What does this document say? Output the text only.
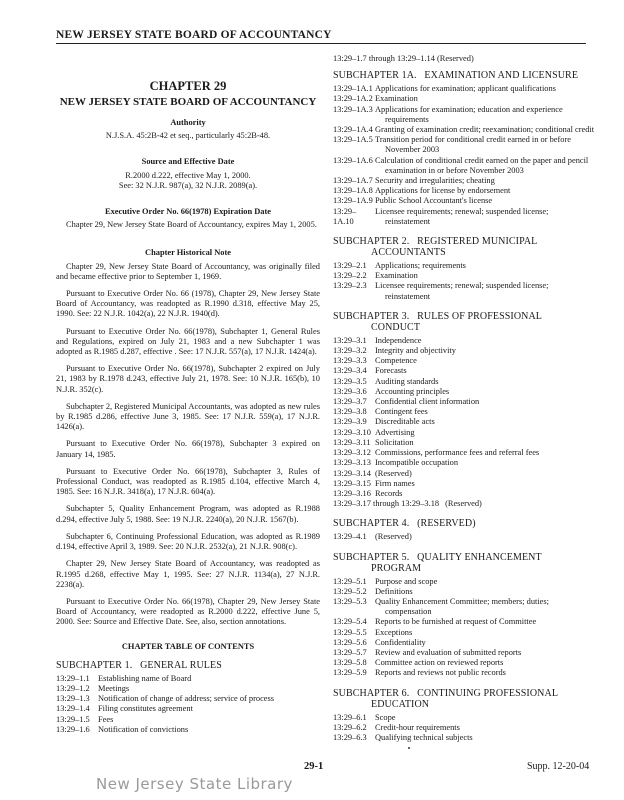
NEW JERSEY STATE BOARD OF ACCOUNTANCY
CHAPTER 29
NEW JERSEY STATE BOARD OF ACCOUNTANCY
Authority
N.J.S.A. 45:2B-42 et seq., particularly 45:2B-48.
Source and Effective Date
R.2000 d.222, effective May 1, 2000.
See: 32 N.J.R. 987(a), 32 N.J.R. 2089(a).
Executive Order No. 66(1978) Expiration Date
Chapter 29, New Jersey State Board of Accountancy, expires May 1, 2005.
Chapter Historical Note
Chapter 29, New Jersey State Board of Accountancy, was originally filed and became effective prior to September 1, 1969.
Pursuant to Executive Order No. 66 (1978), Chapter 29, New Jersey State Board of Accountancy, was readopted as R.1990 d.318, effective May 25, 1990. See: 22 N.J.R. 1042(a), 22 N.J.R. 1940(d).
Pursuant to Executive Order No. 66(1978), Subchapter 1, General Rules and Regulations, expired on July 21, 1983 and a new Subchapter 1 was adopted as R.1985 d.287, effective . See: 17 N.J.R. 557(a), 17 N.J.R. 1424(a).
Pursuant to Executive Order No. 66(1978), Subchapter 2 expired on July 21, 1983 by R.1978 d.243, effective July 21, 1978. See: 10 N.J.R. 165(b), 10 N.J.R. 352(c).
Subchapter 2, Registered Municipal Accountants, was adopted as new rules by R.1985 d.286, effective June 3, 1985. See: 17 N.J.R. 559(a), 17 N.J.R. 1426(a).
Pursuant to Executive Order No. 66(1978), Subchapter 3 expired on January 14, 1985.
Pursuant to Executive Order No. 66(1978), Subchapter 3, Rules of Professional Conduct, was readopted as R.1985 d.104, effective March 4, 1985. See: 16 N.J.R. 3418(a), 17 N.J.R. 604(a).
Subchapter 5, Quality Enhancement Program, was adopted as R.1988 d.294, effective July 5, 1988. See: 19 N.J.R. 2240(a), 20 N.J.R. 1567(b).
Subchapter 6, Continuing Professional Education, was adopted as R.1989 d.194, effective April 3, 1989. See: 20 N.J.R. 2532(a), 21 N.J.R. 908(c).
Chapter 29, New Jersey State Board of Accountancy, was readopted as R.1995 d.268, effective May 1, 1995. See: 27 N.J.R. 1134(a), 27 N.J.R. 2238(a).
Pursuant to Executive Order No. 66(1978), Chapter 29, New Jersey State Board of Accountancy, were readopted as R.2000 d.222, effective June 5, 2000. See: Source and Effective Date. See, also, section annotations.
CHAPTER TABLE OF CONTENTS
SUBCHAPTER 1.   GENERAL RULES
13:29–1.1 Establishing name of Board
13:29–1.2 Meetings
13:29–1.3 Notification of change of address; service of process
13:29–1.4 Filing constitutes agreement
13:29–1.5 Fees
13:29–1.6 Notification of convictions
13:29–1.7 through 13:29–1.14 (Reserved)
SUBCHAPTER 1A.   EXAMINATION AND LICENSURE
13:29–1A.1 Applications for examination; applicant qualifications
13:29–1A.2 Examination
13:29–1A.3 Applications for examination; education and experience requirements
13:29–1A.4 Granting of examination credit; reexamination; conditional credit
13:29–1A.5 Transition period for conditional credit earned in or before November 2003
13:29–1A.6 Calculation of conditional credit earned on the paper and pencil examination in or before November 2003
13:29–1A.7 Security and irregularities; cheating
13:29–1A.8 Applications for license by endorsement
13:29–1A.9 Public School Accountant's license
13:29–1A.10
Licensee requirements; renewal; suspended license; reinstatement
SUBCHAPTER 2.   REGISTERED MUNICIPAL
ACCOUNTANTS
13:29–2.1 Applications; requirements
13:29–2.2 Examination
13:29–2.3 Licensee requirements; renewal; suspended license; reinstatement
SUBCHAPTER 3.   RULES OF PROFESSIONAL
CONDUCT
13:29–3.1 Independence
13:29–3.2 Integrity and objectivity
13:29–3.3 Competence
13:29–3.4 Forecasts
13:29–3.5 Auditing standards
13:29–3.6 Accounting principles
13:29–3.7 Confidential client information
13:29–3.8 Contingent fees
13:29–3.9 Discreditable acts
13:29–3.10 Advertising
13:29–3.11 Solicitation
13:29–3.12 Commissions, performance fees and referral fees
13:29–3.13 Incompatible occupation
13:29–3.14 (Reserved)
13:29–3.15 Firm names
13:29–3.16 Records
13:29–3.17 through 13:29–3.18 (Reserved)
SUBCHAPTER 4.   (RESERVED)
13:29–4.1 (Reserved)
SUBCHAPTER 5.   QUALITY ENHANCEMENT
PROGRAM
13:29–5.1 Purpose and scope
13:29–5.2 Definitions
13:29–5.3 Quality Enhancement Committee; members; duties; compensation
13:29–5.4 Reports to be furnished at request of Committee
13:29–5.5 Exceptions
13:29–5.6 Confidentiality
13:29–5.7 Review and evaluation of submitted reports
13:29–5.8 Committee action on reviewed reports
13:29–5.9 Reports and reviews not public records
SUBCHAPTER 6.   CONTINUING PROFESSIONAL
EDUCATION
13:29–6.1 Scope
13:29–6.2 Credit-hour requirements
13:29–6.3 Qualifying technical subjects
29-1	Supp. 12-20-04
New Jersey State Library
